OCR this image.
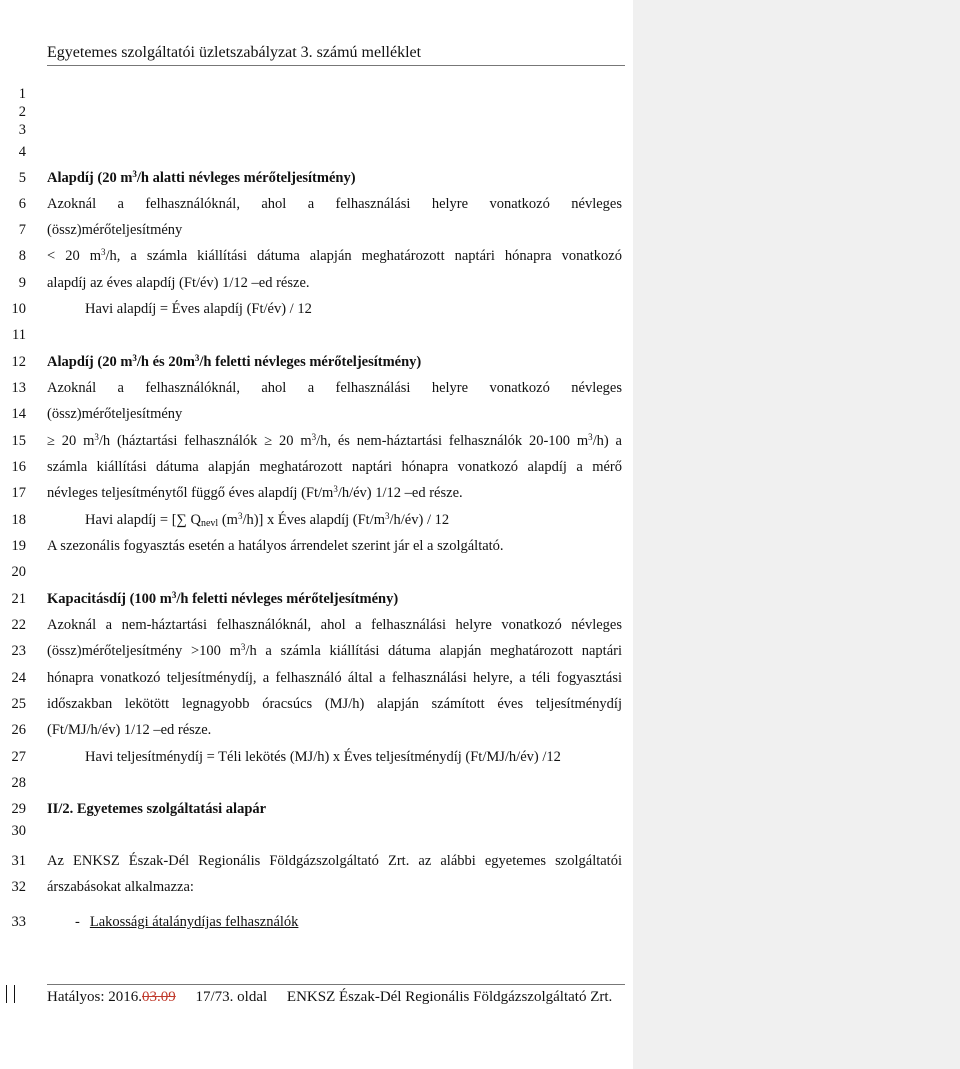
Egyetemes szolgáltatói üzletszabályzat 3. számú melléklet
1
2
3
4
5
6
7
8
9
10
11
12
13
14
15
16
17
18
19
20
21
22
23
24
25
26
27
28
29
30
31
32
33
Alapdíj (20 $m^3/h$ alatti névleges mérőteljesítmény)
Azoknál a felhasználóknál, ahol a felhasználási helyre vonatkozó névleges
(össz)mérőteljesítmény
< 20 $m^3/h$, a számla kiállítási dátuma alapján meghatározott naptári hónapra vonatkozó
alapdíj az éves alapdíj (Ft/év) 1/12 –ed része.
Havi alapdíj = Éves alapdíj (Ft/év) / 12
Alapdíj (20 $m^3/h$ és $20m^3/h$ feletti névleges mérőteljesítmény)
Azoknál a felhasználóknál, ahol a felhasználási helyre vonatkozó névleges
(össz)mérőteljesítmény
≥ 20 $m^3/h$ (háztartási felhasználók ≥ 20 $m^3/h$, és nem-háztartási felhasználók 20-100 $m^3/h$) a
számla kiállítási dátuma alapján meghatározott naptári hónapra vonatkozó alapdíj a mérő
névleges teljesítménytől függő éves alapdíj $(Ft/m^3/h/év)$ 1/12 –ed része.
Havi alapdíj = [∑ $Q_{nevl}$ $(m^3/h)$] x Éves alapdíj $(Ft/m^3/h/év) / 12$
A szezonális fogyasztás esetén a hatályos árrendelet szerint jár el a szolgáltató.
Kapacitásdíj (100 $m^3/h$ feletti névleges mérőteljesítmény)
Azoknál a nem-háztartási felhasználóknál, ahol a felhasználási helyre vonatkozó névleges
(össz)mérőteljesítmény >100 $m^3/h$ a számla kiállítási dátuma alapján meghatározott naptári
hónapra vonatkozó teljesítménydíj, a felhasználó által a felhasználási helyre, a téli fogyasztási
időszakban lekötött legnagyobb óracsúcs (MJ/h) alapján számított éves teljesítménydíj
(Ft/MJ/h/év) 1/12 –ed része.
Havi teljesítménydíj = Téli lekötés (MJ/h) x Éves teljesítménydíj (Ft/MJ/h/év) /12
II/2. Egyetemes szolgáltatási alapár
Az ENKSZ Észak-Dél Regionális Földgázszolgáltató Zrt. az alábbi egyetemes szolgáltatói
árszabásokat alkalmazza:
- Lakossági átalánydíjas felhasználók
Hatályos: 2016.03.09 17/73. oldal ENKSZ Észak-Dél Regionális Földgázszolgáltató Zrt.
